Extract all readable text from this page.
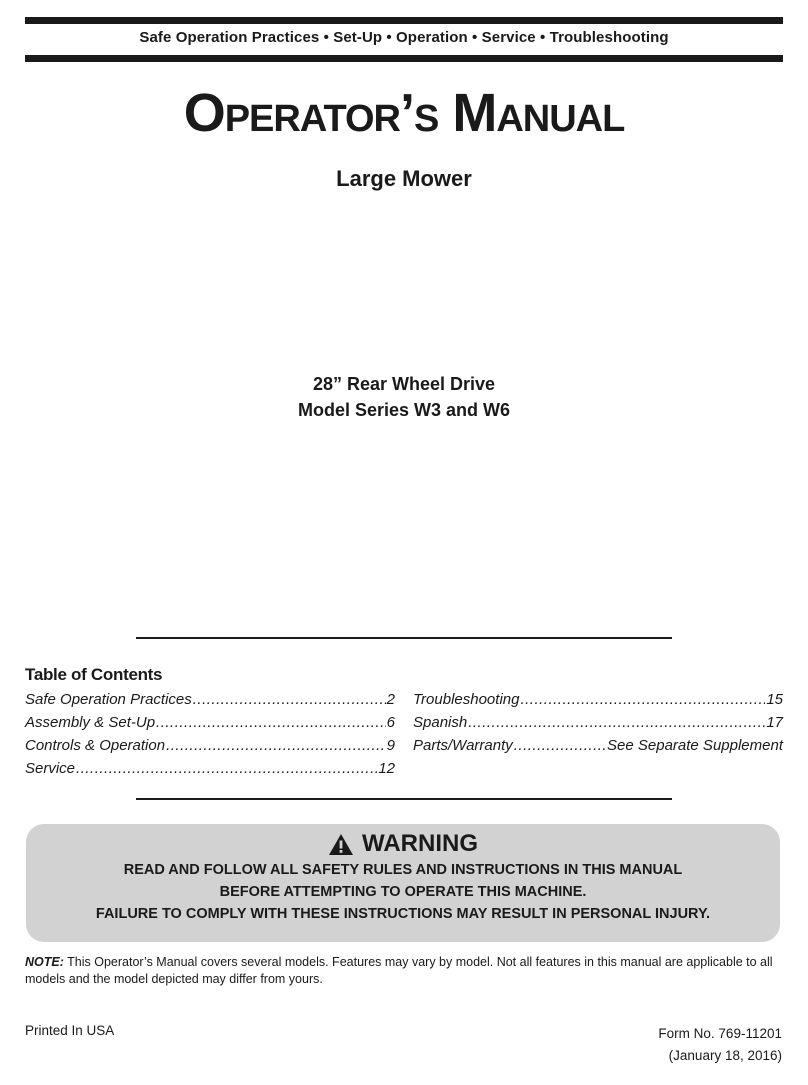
Safe Operation Practices • Set-Up • Operation • Service • Troubleshooting
Operator’s Manual
Large Mower
28” Rear Wheel Drive
Model Series W3 and W6
Table of Contents
Safe Operation Practices .....	2
Assembly & Set-Up .....	6
Controls & Operation .....	9
Service .....	12
Troubleshooting .....	15
Spanish .....	17
Parts/Warranty .....	See Separate Supplement
WARNING
READ AND FOLLOW ALL SAFETY RULES AND INSTRUCTIONS IN THIS MANUAL
BEFORE ATTEMPTING TO OPERATE THIS MACHINE.
FAILURE TO COMPLY WITH THESE INSTRUCTIONS MAY RESULT IN PERSONAL INJURY.
NOTE: This Operator’s Manual covers several models. Features may vary by model. Not all features in this manual are applicable to all models and the model depicted may differ from yours.
Printed In USA	Form No. 769-11201
(January 18, 2016)
